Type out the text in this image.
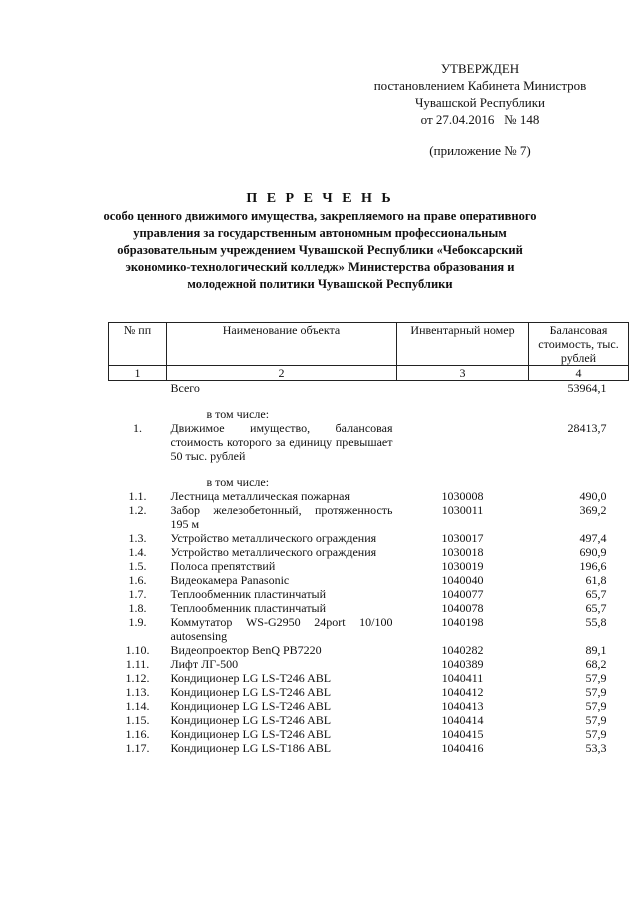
УТВЕРЖДЕН
постановлением Кабинета Министров
Чувашской Республики
от 27.04.2016   № 148
(приложение № 7)
П Е Р Е Ч Е Н Ь
особо ценного движимого имущества, закрепляемого на праве оперативного управления за государственным автономным профессиональным образовательным учреждением Чувашской Республики «Чебоксарский экономико-технологический колледж» Министерства образования и молодежной политики Чувашской Республики
№ пп	Наименование объекта	Инвентарный номер	Балансовая стоимость, тыс. рублей
1	2	3	4
	Всего		53964,1
	в том числе:		
1.	Движимое имущество, балансовая стоимость которого за единицу превышает 50 тыс. рублей		28413,7
	в том числе:		
1.1.	Лестница металлическая пожарная	1030008	490,0
1.2.	Забор железобетонный, протяженность 195 м	1030011	369,2
1.3.	Устройство металлического ограждения	1030017	497,4
1.4.	Устройство металлического ограждения	1030018	690,9
1.5.	Полоса препятствий	1030019	196,6
1.6.	Видеокамера Panasonic	1040040	61,8
1.7.	Теплообменник пластинчатый	1040077	65,7
1.8.	Теплообменник пластинчатый	1040078	65,7
1.9.	Коммутатор WS-G2950 24port 10/100 autosensing	1040198	55,8
1.10.	Видеопроектор BenQ PB7220	1040282	89,1
1.11.	Лифт ЛГ-500	1040389	68,2
1.12.	Кондиционер LG LS-T246 ABL	1040411	57,9
1.13.	Кондиционер LG LS-T246 ABL	1040412	57,9
1.14.	Кондиционер LG LS-T246 ABL	1040413	57,9
1.15.	Кондиционер LG LS-T246 ABL	1040414	57,9
1.16.	Кондиционер LG LS-T246 ABL	1040415	57,9
1.17.	Кондиционер LG LS-T186 ABL	1040416	53,3
